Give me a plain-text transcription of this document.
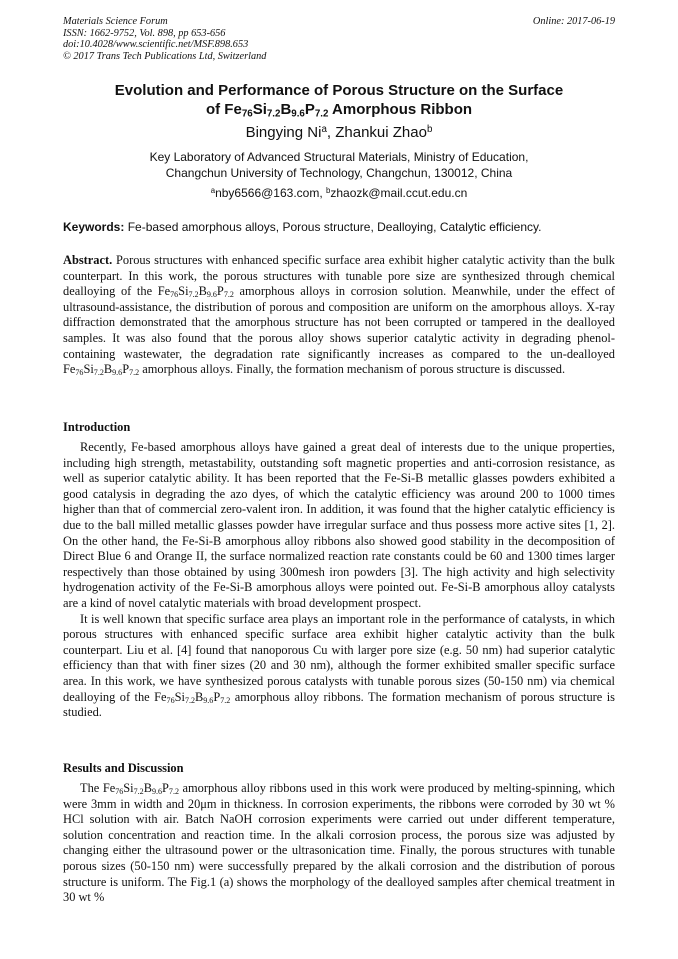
Materials Science Forum
ISSN: 1662-9752, Vol. 898, pp 653-656
doi:10.4028/www.scientific.net/MSF.898.653
© 2017 Trans Tech Publications Ltd, Switzerland
Online: 2017-06-19
Evolution and Performance of Porous Structure on the Surface
of $Fe_{76}Si_{7.2}B_{9.6}P_{7.2}$ Amorphous Ribbon
Bingying Ni$^a$, Zhankui Zhao$^b$
Key Laboratory of Advanced Structural Materials, Ministry of Education,
Changchun University of Technology, Changchun, 130012, China
$^a$nby6566@163.com, $^b$zhaozk@mail.ccut.edu.cn
Keywords: Fe-based amorphous alloys, Porous structure, Dealloying, Catalytic efficiency.

Abstract. Porous structures with enhanced specific surface area exhibit higher catalytic activity than the bulk counterpart. In this work, the porous structures with tunable pore size are synthesized through chemical dealloying of the $Fe_{76}Si_{7.2}B_{9.6}P_{7.2}$ amorphous alloys in corrosion solution. Meanwhile, under the effect of ultrasound-assistance, the distribution of porous and composition are uniform on the amorphous alloys. X-ray diffraction demonstrated that the amorphous structure has not been corrupted or tampered in the dealloyed samples. It was also found that the porous alloy shows superior catalytic activity in degrading phenol-containing wastewater, the degradation rate significantly increases as compared to the un-dealloyed $Fe_{76}Si_{7.2}B_{9.6}P_{7.2}$ amorphous alloys. Finally, the formation mechanism of porous structure is discussed.

Introduction

Recently, Fe-based amorphous alloys have gained a great deal of interests due to the unique properties, including high strength, metastability, outstanding soft magnetic properties and anti-corrosion resistance, as well as superior catalytic ability. It has been reported that the Fe-Si-B metallic glasses powders exhibited a good catalysis in degrading the azo dyes, of which the catalytic efficiency was around 200 to 1000 times higher than that of commercial zero-valent iron. In addition, it was found that the higher catalytic efficiency is due to the ball milled metallic glasses powder have irregular surface and thus possess more active sites [1, 2]. On the other hand, the Fe-Si-B amorphous alloy ribbons also showed good stability in the decomposition of Direct Blue 6 and Orange II, the surface normalized reaction rate constants could be 60 and 1300 times larger respectively than those obtained by using 300mesh iron powders [3]. The high activity and high selectivity hydrogenation activity of the Fe-Si-B amorphous alloys were pointed out. Fe-Si-B amorphous alloy catalysts are a kind of novel catalytic materials with broad development prospect.

It is well known that specific surface area plays an important role in the performance of catalysts, in which porous structures with enhanced specific surface area exhibit higher catalytic activity than the bulk counterpart. Liu et al. [4] found that nanoporous Cu with larger pore size (e.g. 50 nm) had superior catalytic efficiency than that with finer sizes (20 and 30 nm), although the former exhibited smaller specific surface area. In this work, we have synthesized porous catalysts with tunable porous sizes (50-150 nm) via chemical dealloying of the $Fe_{76}Si_{7.2}B_{9.6}P_{7.2}$ amorphous alloy ribbons. The formation mechanism of porous structure is studied.

Results and Discussion

The $Fe_{76}Si_{7.2}B_{9.6}P_{7.2}$ amorphous alloy ribbons used in this work were produced by melting-spinning, which were 3mm in width and 20μm in thickness. In corrosion experiments, the ribbons were corroded by 30 wt % HCl solution with air. Batch NaOH corrosion experiments were carried out under different temperature, solution concentration and reaction time. In the alkali corrosion process, the porous size was adjusted by changing either the ultrasound power or the ultrasonication time. Finally, the porous structures with tunable porous sizes (50-150 nm) were successfully prepared by the alkali corrosion and the distribution of porous structure is uniform. The Fig.1 (a) shows the morphology of the dealloyed samples after chemical treatment in 30 wt %
